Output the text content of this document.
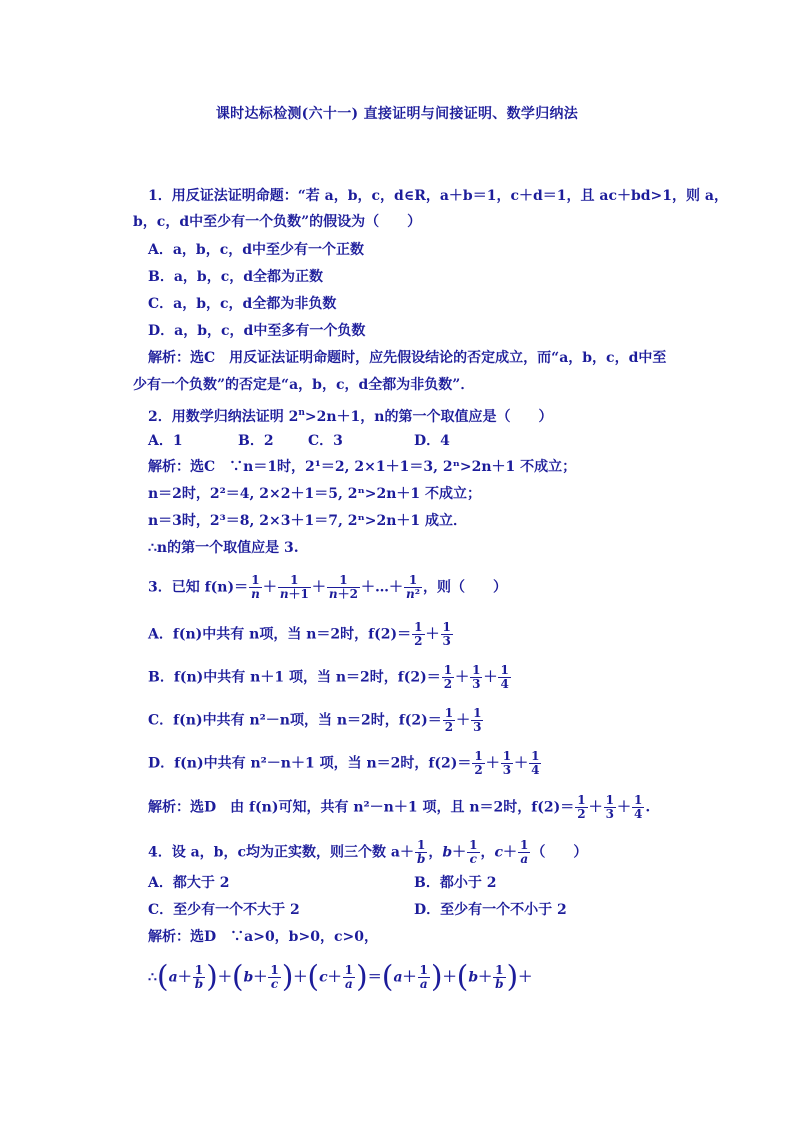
课时达标检测(六十一) 直接证明与间接证明、数学归纳法
1．用反证法证明命题：“若 a，b，c，d∈R，a＋b＝1，c＋d＝1，且 ac＋bd>1，则 a，
b，c，d中至少有一个负数”的假设为（　　）
A．a，b，c，d中至少有一个正数
B．a，b，c，d全都为正数
C．a，b，c，d全都为非负数
D．a，b，c，d中至多有一个负数
解析：选C　用反证法证明命题时，应先假设结论的否定成立，而“a，b，c，d中至
少有一个负数”的否定是“a，b，c，d全都为非负数”．
2．用数学归纳法证明 $2^n>2n+1$，n的第一个取值应是（　　）
A．1	B．2 C．3	D．4
解析：选C　∵n＝1时，2¹＝2, 2×1＋1＝3, 2ⁿ>2n＋1 不成立；
n＝2时，2²＝4, 2×2＋1＝5, 2ⁿ>2n＋1 不成立；
n＝3时，2³＝8, 2×3＋1＝7, 2ⁿ>2n＋1 成立．
∴n的第一个取值应是 3.
3．已知 $f(n)= \frac{1}{n} + \frac{1}{n+1} + \frac{1}{n+2}$ ＋…＋ $\frac{1}{\text{n²}}$ ，则（　　）
A．f(n)中共有 n项，当 n＝2时，$f(2)= \frac{1}{2} + \frac{1}{3}$
B．f(n)中共有 n＋1 项，当 n＝2时，$f(2)= \frac{1}{2} + \frac{1}{3} + \frac{1}{4}$
C．f(n)中共有 n²－n项，当 n＝2时，$f(2)= \frac{1}{2} + \frac{1}{3}$
D．f(n)中共有 n²－n＋1 项，当 n＝2时，$f(2)= \frac{1}{2} + \frac{1}{3} + \frac{1}{4}$
解析：选D　由 f(n)可知，共有 n²－n＋1 项，且 n＝2时，$f(2)= \frac{1}{2} + \frac{1}{3} + \frac{1}{4}$ .
4．设 a，b，c均为正实数，则三个数 $a+ \frac{1}{b}$ ，$b+ \frac{1}{c}$ ，$c+ \frac{1}{a}$ （　　）
A．都大于 2	B．都小于 2
C．至少有一个不大于 2	D．至少有一个不小于 2
解析：选D　∵a>0，b>0，c>0，
∴(a＋ $\frac{1}{b} )+(b+ \frac{1}{c} )+(c+ \frac{1}{a} )=(a+ \frac{1}{a} )+(b+ \frac{1}{b}$ )＋
